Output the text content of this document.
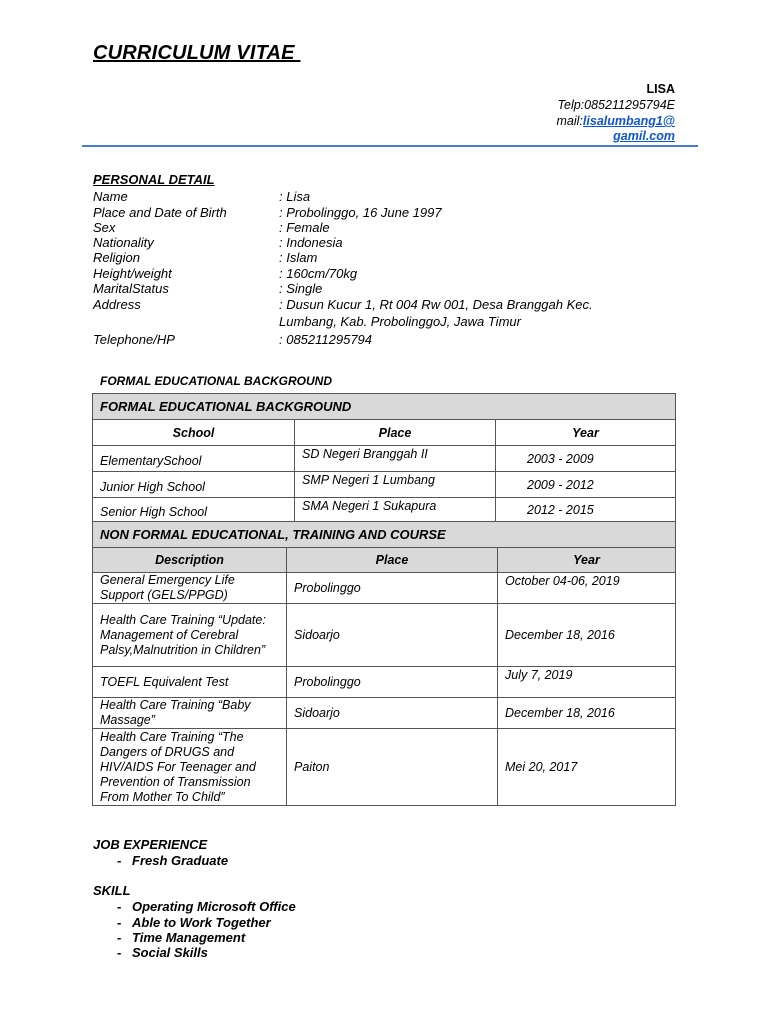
CURRICULUM VITAE
LISA
Telp:085211295794E
mail:lisalumbang1@
gamil.com
PERSONAL DETAIL
Name	: Lisa
Place and Date of Birth	: Probolinggo, 16 June 1997
Sex	: Female
Nationality	: Indonesia
Religion	: Islam
Height/weight	: 160cm/70kg
MaritalStatus	: Single
Address	: Dusun Kucur 1, Rt 004 Rw 001, Desa Branggah Kec.
Lumbang, Kab. ProbolinggoJ, Jawa Timur
Telephone/HP	: 085211295794
FORMAL EDUCATIONAL BACKGROUND
FORMAL EDUCATIONAL BACKGROUND		
School	Place	Year
ElementarySchool	SD Negeri Branggah II	2003 - 2009
Junior High School	SMP Negeri 1 Lumbang	2009 - 2012
Senior High School	SMA Negeri 1 Sukapura	2012 - 2015
NON FORMAL EDUCATIONAL, TRAINING AND COURSE		
Description	Place	Year
General Emergency Life Support (GELS/PPGD)	Probolinggo	October 04-06, 2019
Health Care Training “Update: Management of Cerebral Palsy,Malnutrition in Children”	Sidoarjo	December 18, 2016
TOEFL Equivalent Test	Probolinggo	July 7, 2019
Health Care Training “Baby Massage”	Sidoarjo	December 18, 2016
Health Care Training “The Dangers of DRUGS and HIV/AIDS For Teenager and Prevention of Transmission From Mother To Child”	Paiton	Mei 20, 2017
JOB EXPERIENCE
- Fresh Graduate
SKILL
- Operating Microsoft Office
- Able to Work Together
- Time Management
- Social Skills
